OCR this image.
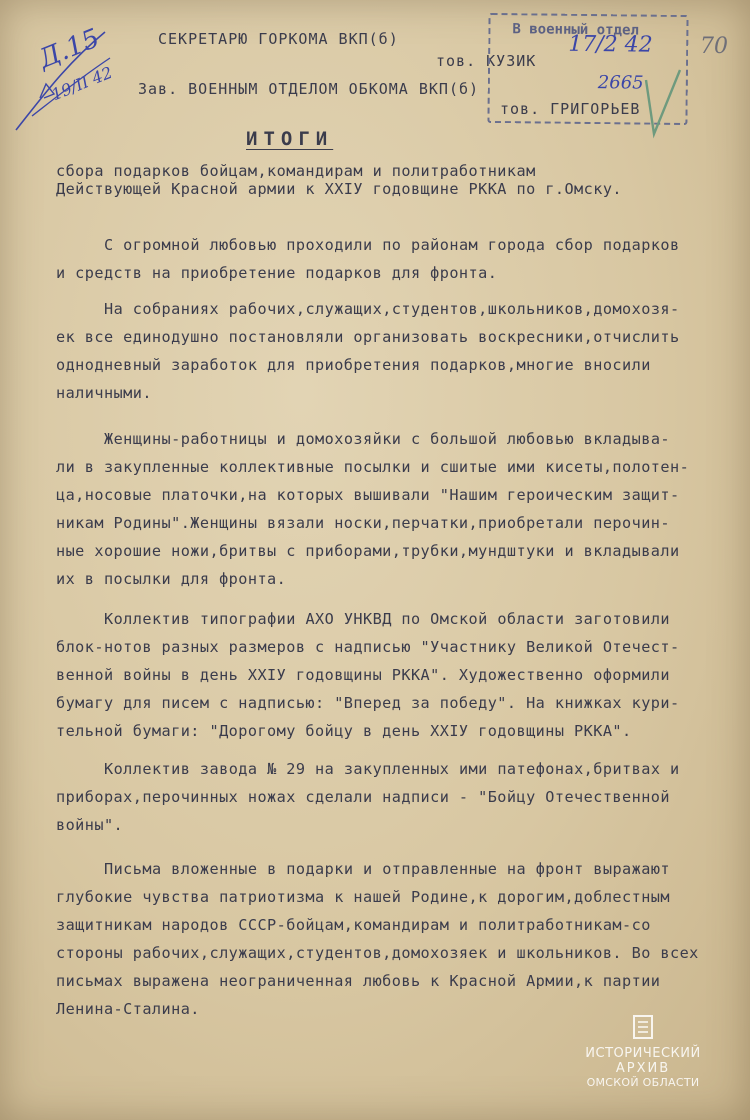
Д.15
19/II 42
70
СЕКРЕТАРЮ ГОРКОМА ВКП(б)
Зав. ВОЕННЫМ ОТДЕЛОМ ОБКОМА ВКП(б)
тов. КУЗИК
тов. ГРИГОРЬЕВ
В военный отдел
17/2 42
2665
ИТОГИ
сбора подарков бойцам,командирам и политработникам
Действующей Красной армии к XXIУ годовщине РККА по г.Омску.
С огромной любовью проходили по районам города сбор подарков
и средств на приобретение подарков для фронта.
На собраниях рабочих,служащих,студентов,школьников,домохозя-
ек все единодушно постановляли организовать воскресники,отчислить
однодневный заработок для приобретения подарков,многие вносили
наличными.
Женщины-работницы и домохозяйки с большой любовью вкладыва-
ли в закупленные коллективные посылки и сшитые ими кисеты,полотен-
ца,носовые платочки,на которых вышивали "Нашим героическим защит-
никам Родины".Женщины вязали носки,перчатки,приобретали перочин-
ные хорошие ножи,бритвы с приборами,трубки,мундштуки и вкладывали
их в посылки для фронта.
Коллектив типографии АХО УНКВД по Омской области заготовили
блок-нотов разных размеров с надписью "Участнику Великой Отечест-
венной войны в день XXIУ годовщины РККА". Художественно оформили
бумагу для писем с надписью: "Вперед за победу". На книжках кури-
тельной бумаги: "Дорогому бойцу в день XXIУ годовщины РККА".
Коллектив завода № 29 на закупленных ими патефонах,бритвах и
приборах,перочинных ножах сделали надписи - "Бойцу Отечественной
войны".
Письма вложенные в подарки и отправленные на фронт выражают
глубокие чувства патриотизма к нашей Родине,к дорогим,доблестным
защитникам народов СССР-бойцам,командирам и политработникам-со
стороны рабочих,служащих,студентов,домохозяек и школьников. Во всех
письмах выражена неограниченная любовь к Красной Армии,к партии
Ленина-Сталина.
ИСТОРИЧЕСКИЙ
АРХИВ
ОМСКОЙ ОБЛАСТИ
